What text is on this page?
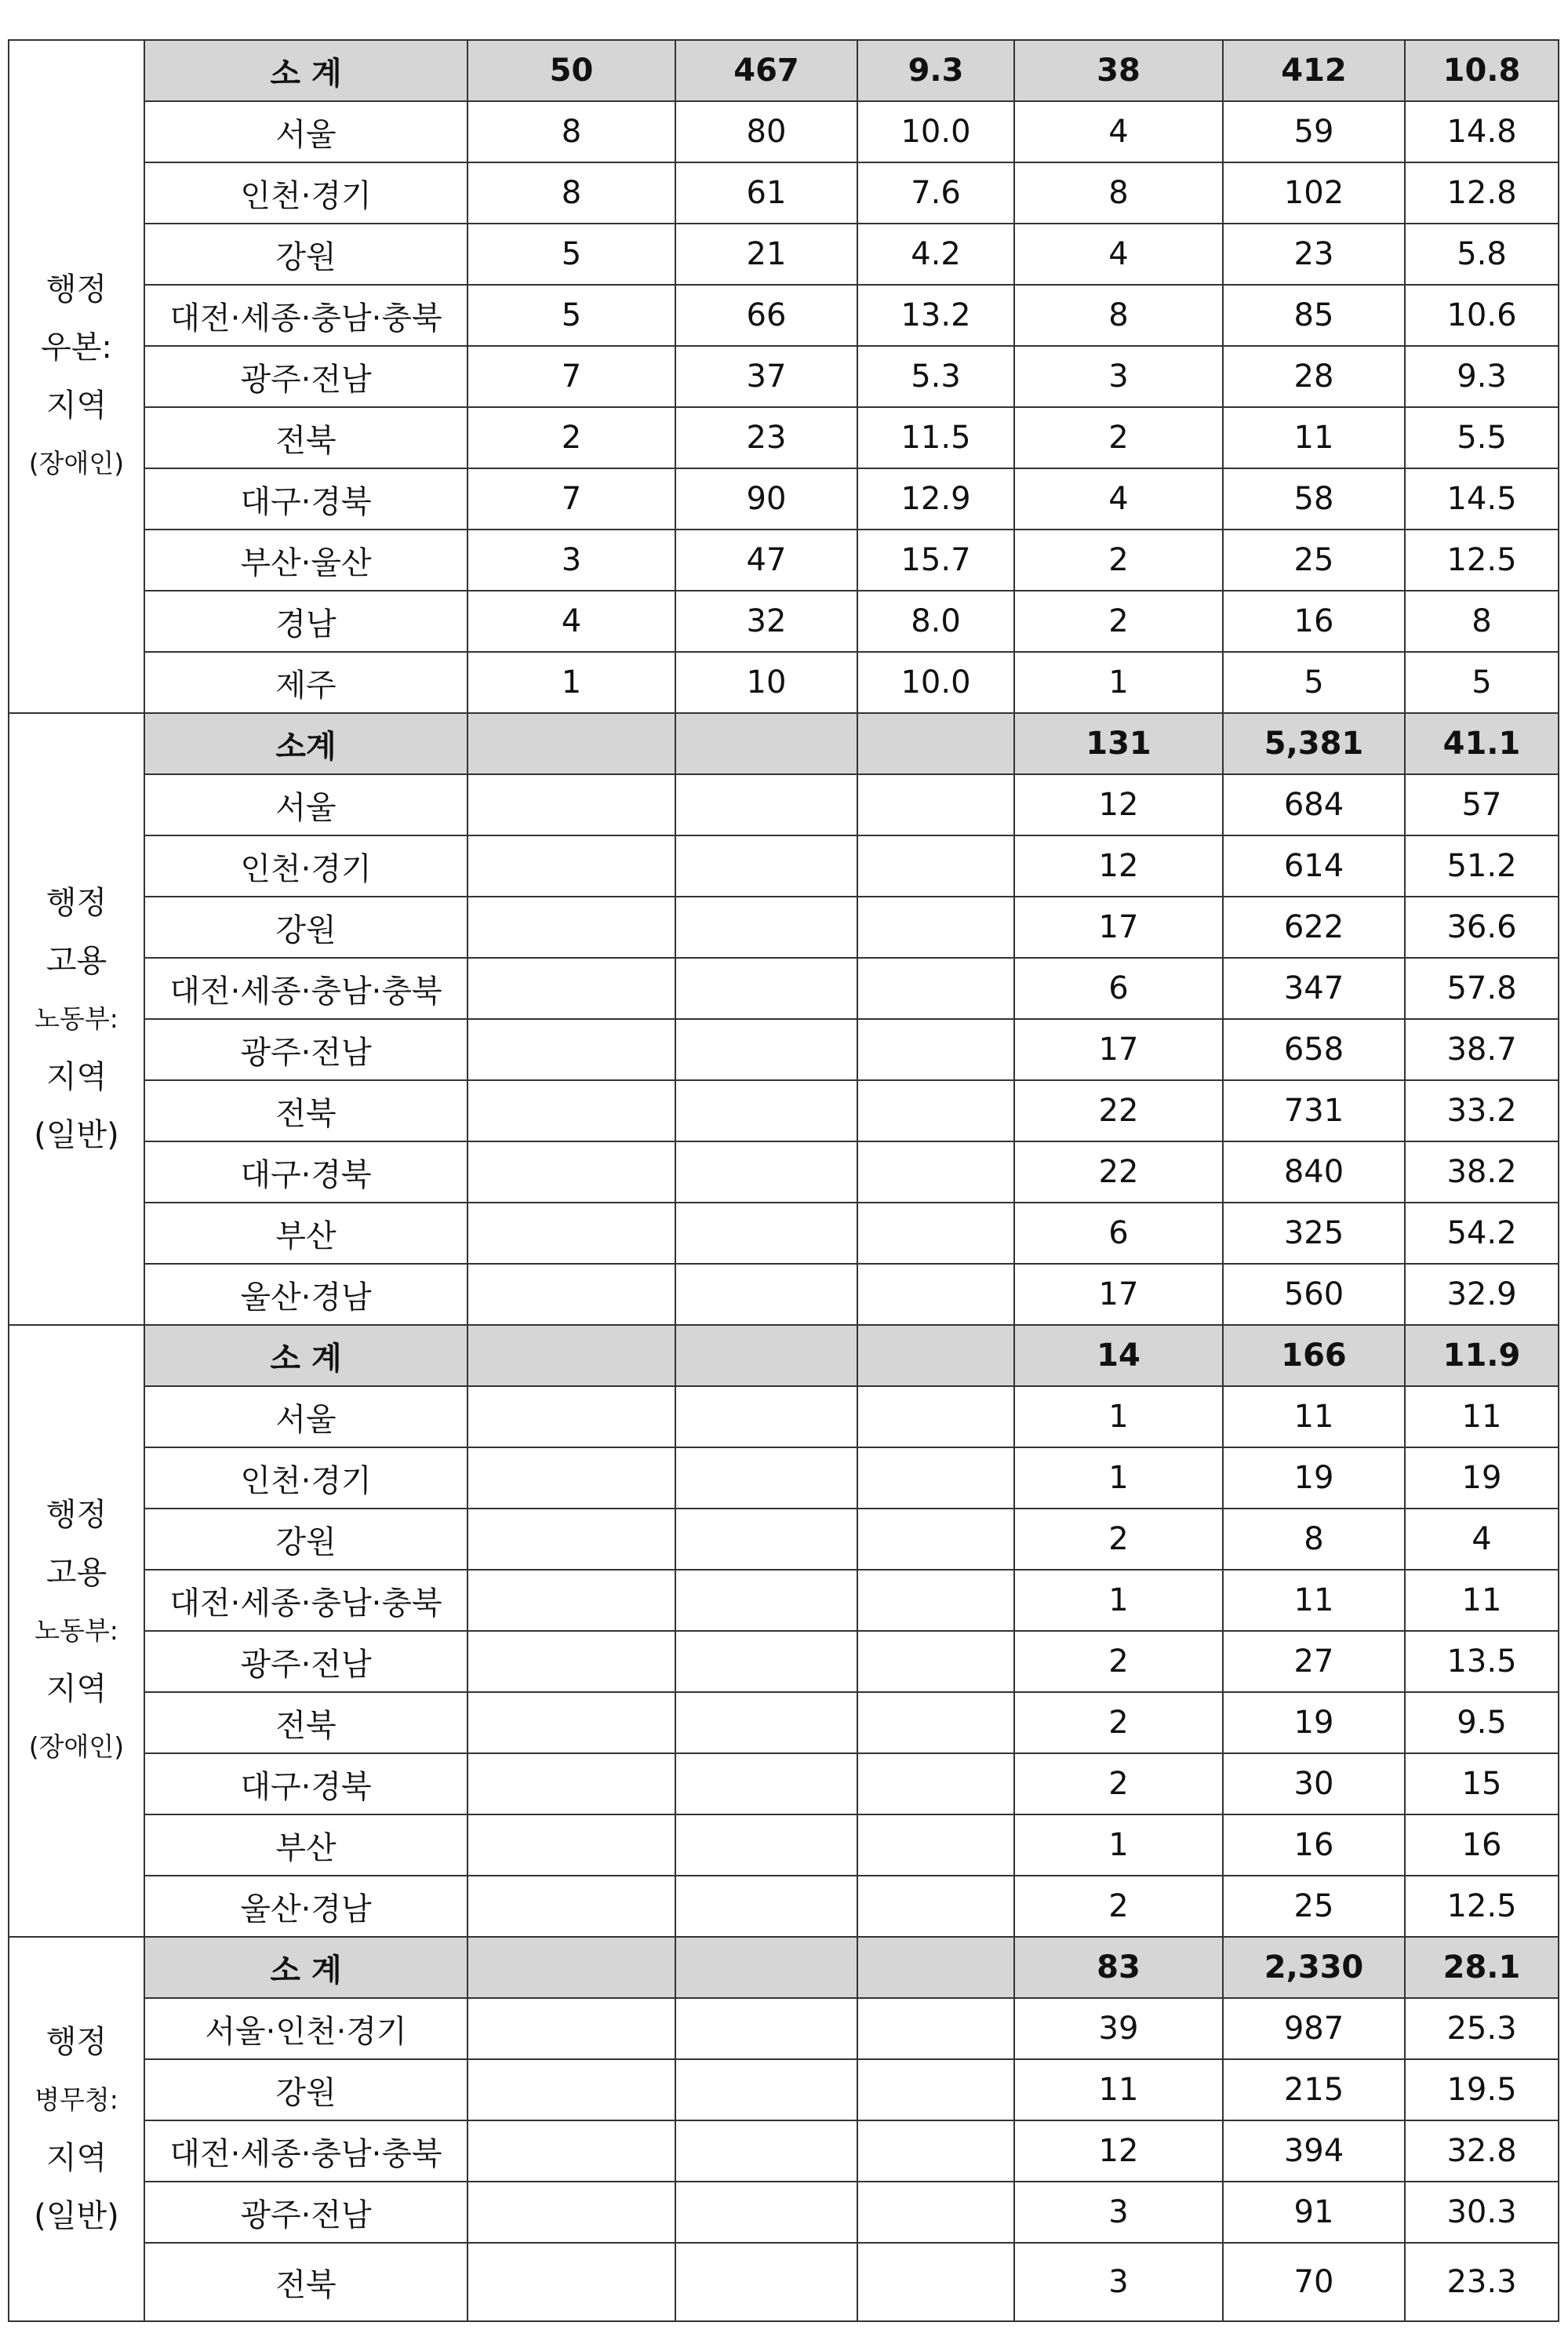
행정
우본:
지역
(장애인)	소 계	50	467	9.3	38	412	10.8
	서울	8	80	10.0	4	59	14.8
	인천·경기	8	61	7.6	8	102	12.8
	강원	5	21	4.2	4	23	5.8
	대전·세종·충남·충북	5	66	13.2	8	85	10.6
	광주·전남	7	37	5.3	3	28	9.3
	전북	2	23	11.5	2	11	5.5
	대구·경북	7	90	12.9	4	58	14.5
	부산·울산	3	47	15.7	2	25	12.5
	경남	4	32	8.0	2	16	8
	제주	1	10	10.0	1	5	5

행정
고용
노동부:
지역
(일반)	소계				131	5,381	41.1
	서울				12	684	57
	인천·경기				12	614	51.2
	강원				17	622	36.6
	대전·세종·충남·충북				6	347	57.8
	광주·전남				17	658	38.7
	전북				22	731	33.2
	대구·경북				22	840	38.2
	부산				6	325	54.2
	울산·경남				17	560	32.9

행정
고용
노동부:
지역
(장애인)	소 계				14	166	11.9
	서울				1	11	11
	인천·경기				1	19	19
	강원				2	8	4
	대전·세종·충남·충북				1	11	11
	광주·전남				2	27	13.5
	전북				2	19	9.5
	대구·경북				2	30	15
	부산				1	16	16
	울산·경남				2	25	12.5

행정
병무청:
지역
(일반)	소 계				83	2,330	28.1
	서울·인천·경기				39	987	25.3
	강원				11	215	19.5
	대전·세종·충남·충북				12	394	32.8
	광주·전남				3	91	30.3
	전북				3	70	23.3
